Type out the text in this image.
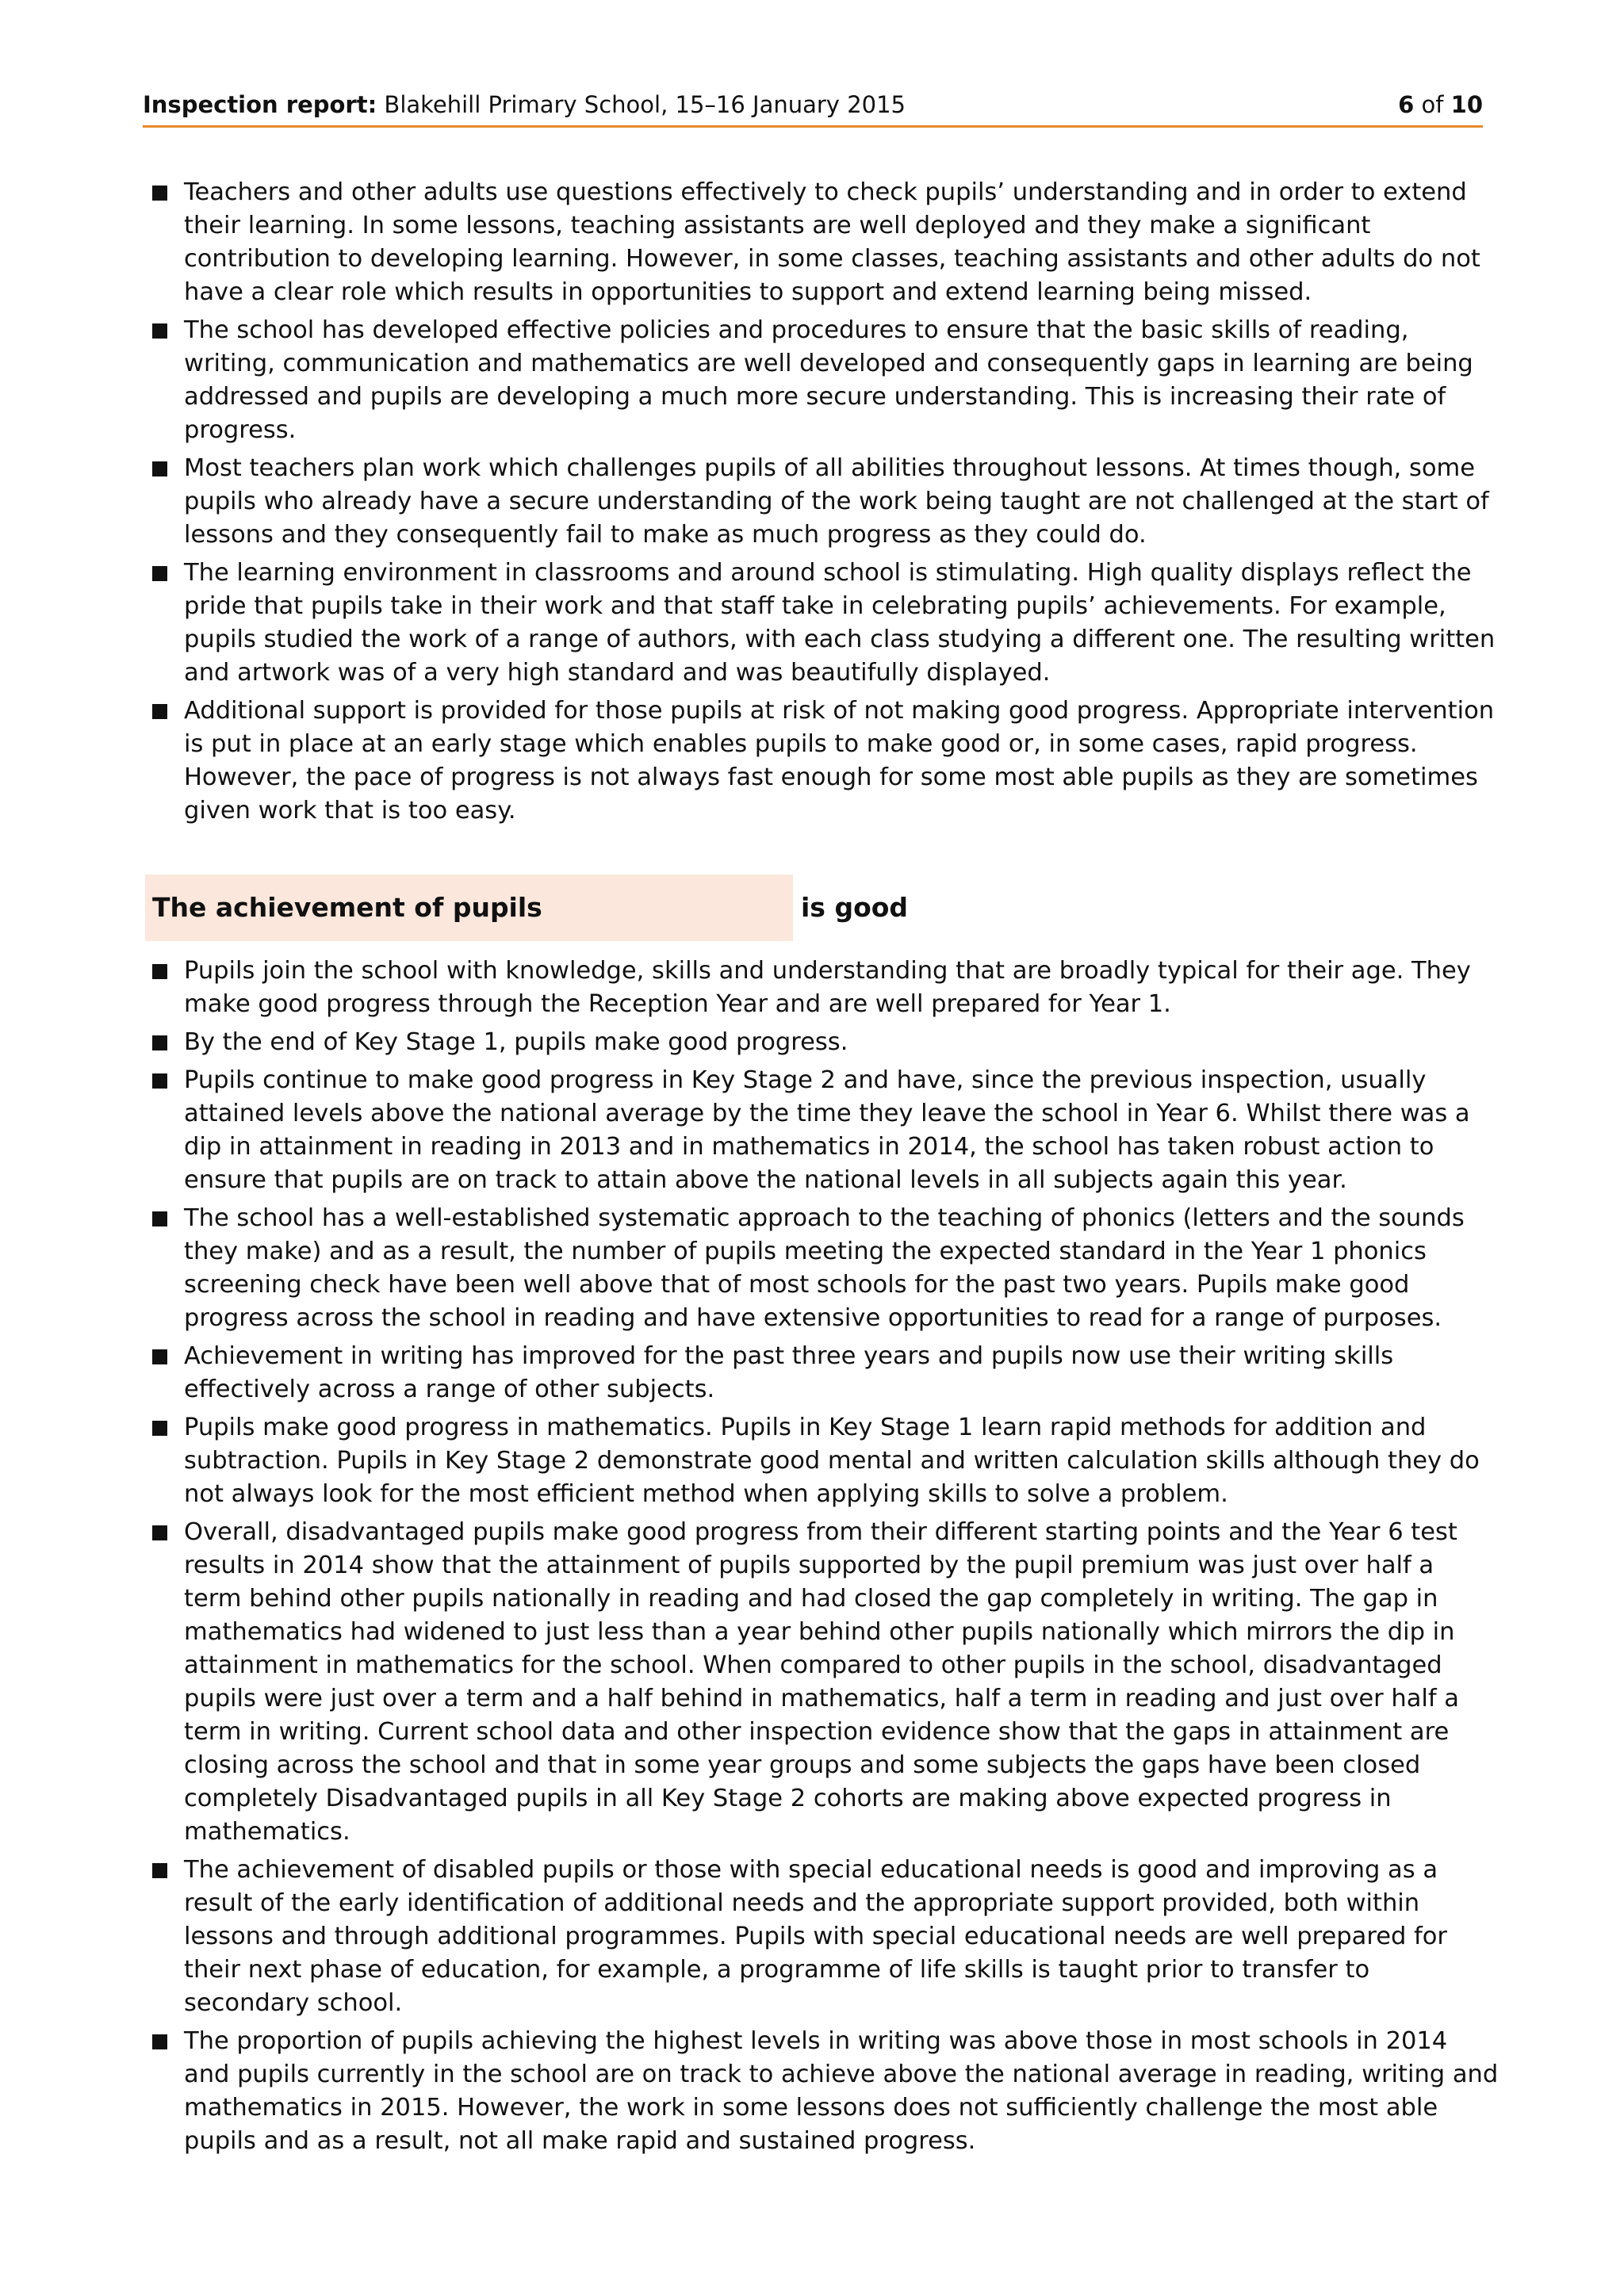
Inspection report: Blakehill Primary School, 15–16 January 2015	6 of 10
Teachers and other adults use questions effectively to check pupils’ understanding and in order to extend their learning. In some lessons, teaching assistants are well deployed and they make a significant contribution to developing learning. However, in some classes, teaching assistants and other adults do not have a clear role which results in opportunities to support and extend learning being missed.
The school has developed effective policies and procedures to ensure that the basic skills of reading, writing, communication and mathematics are well developed and consequently gaps in learning are being addressed and pupils are developing a much more secure understanding. This is increasing their rate of progress.
Most teachers plan work which challenges pupils of all abilities throughout lessons. At times though, some pupils who already have a secure understanding of the work being taught are not challenged at the start of lessons and they consequently fail to make as much progress as they could do.
The learning environment in classrooms and around school is stimulating. High quality displays reflect the pride that pupils take in their work and that staff take in celebrating pupils’ achievements. For example, pupils studied the work of a range of authors, with each class studying a different one. The resulting written and artwork was of a very high standard and was beautifully displayed.
Additional support is provided for those pupils at risk of not making good progress. Appropriate intervention is put in place at an early stage which enables pupils to make good or, in some cases, rapid progress. However, the pace of progress is not always fast enough for some most able pupils as they are sometimes given work that is too easy.
The achievement of pupils	is good
Pupils join the school with knowledge, skills and understanding that are broadly typical for their age. They make good progress through the Reception Year and are well prepared for Year 1.
By the end of Key Stage 1, pupils make good progress.
Pupils continue to make good progress in Key Stage 2 and have, since the previous inspection, usually attained levels above the national average by the time they leave the school in Year 6. Whilst there was a dip in attainment in reading in 2013 and in mathematics in 2014, the school has taken robust action to ensure that pupils are on track to attain above the national levels in all subjects again this year.
The school has a well-established systematic approach to the teaching of phonics (letters and the sounds they make) and as a result, the number of pupils meeting the expected standard in the Year 1 phonics screening check have been well above that of most schools for the past two years. Pupils make good progress across the school in reading and have extensive opportunities to read for a range of purposes.
Achievement in writing has improved for the past three years and pupils now use their writing skills effectively across a range of other subjects.
Pupils make good progress in mathematics. Pupils in Key Stage 1 learn rapid methods for addition and subtraction. Pupils in Key Stage 2 demonstrate good mental and written calculation skills although they do not always look for the most efficient method when applying skills to solve a problem.
Overall, disadvantaged pupils make good progress from their different starting points and the Year 6 test results in 2014 show that the attainment of pupils supported by the pupil premium was just over half a term behind other pupils nationally in reading and had closed the gap completely in writing. The gap in mathematics had widened to just less than a year behind other pupils nationally which mirrors the dip in attainment in mathematics for the school. When compared to other pupils in the school, disadvantaged pupils were just over a term and a half behind in mathematics, half a term in reading and just over half a term in writing. Current school data and other inspection evidence show that the gaps in attainment are closing across the school and that in some year groups and some subjects the gaps have been closed completely Disadvantaged pupils in all Key Stage 2 cohorts are making above expected progress in mathematics.
The achievement of disabled pupils or those with special educational needs is good and improving as a result of the early identification of additional needs and the appropriate support provided, both within lessons and through additional programmes. Pupils with special educational needs are well prepared for their next phase of education, for example, a programme of life skills is taught prior to transfer to secondary school.
The proportion of pupils achieving the highest levels in writing was above those in most schools in 2014 and pupils currently in the school are on track to achieve above the national average in reading, writing and mathematics in 2015. However, the work in some lessons does not sufficiently challenge the most able pupils and as a result, not all make rapid and sustained progress.
